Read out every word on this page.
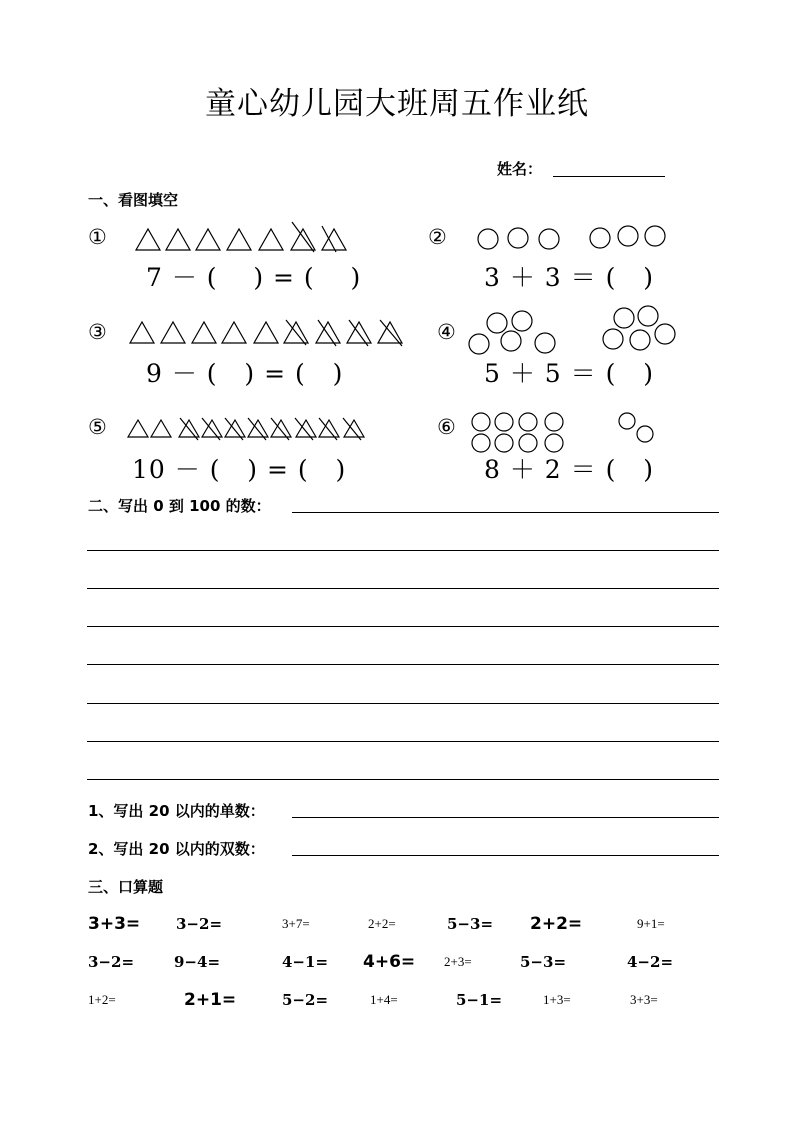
童心幼儿园大班周五作业纸
姓名：
一、看图填空
①	②
③	④
⑤	⑥
7 － (    ) = (    )	3 ＋ 3 ＝ (   )
9 － (   ) = (   )	5 ＋ 5 ＝ (   )
10 － (   ) = (   )	8 ＋ 2 ＝ (   )
二、写出 0 到 100 的数：
1、写出 20 以内的单数：
2、写出 20 以内的双数：
三、口算题
3+3= 3−2=	3+7=	2+2=	5−3= 2+2=	9+1=
3−2=	9−4=	4−1= 4+6= 2+3=	5−3=	4−2=
1+2=	2+1=	5−2=	1+4=	5−1=	1+3=	3+3=
